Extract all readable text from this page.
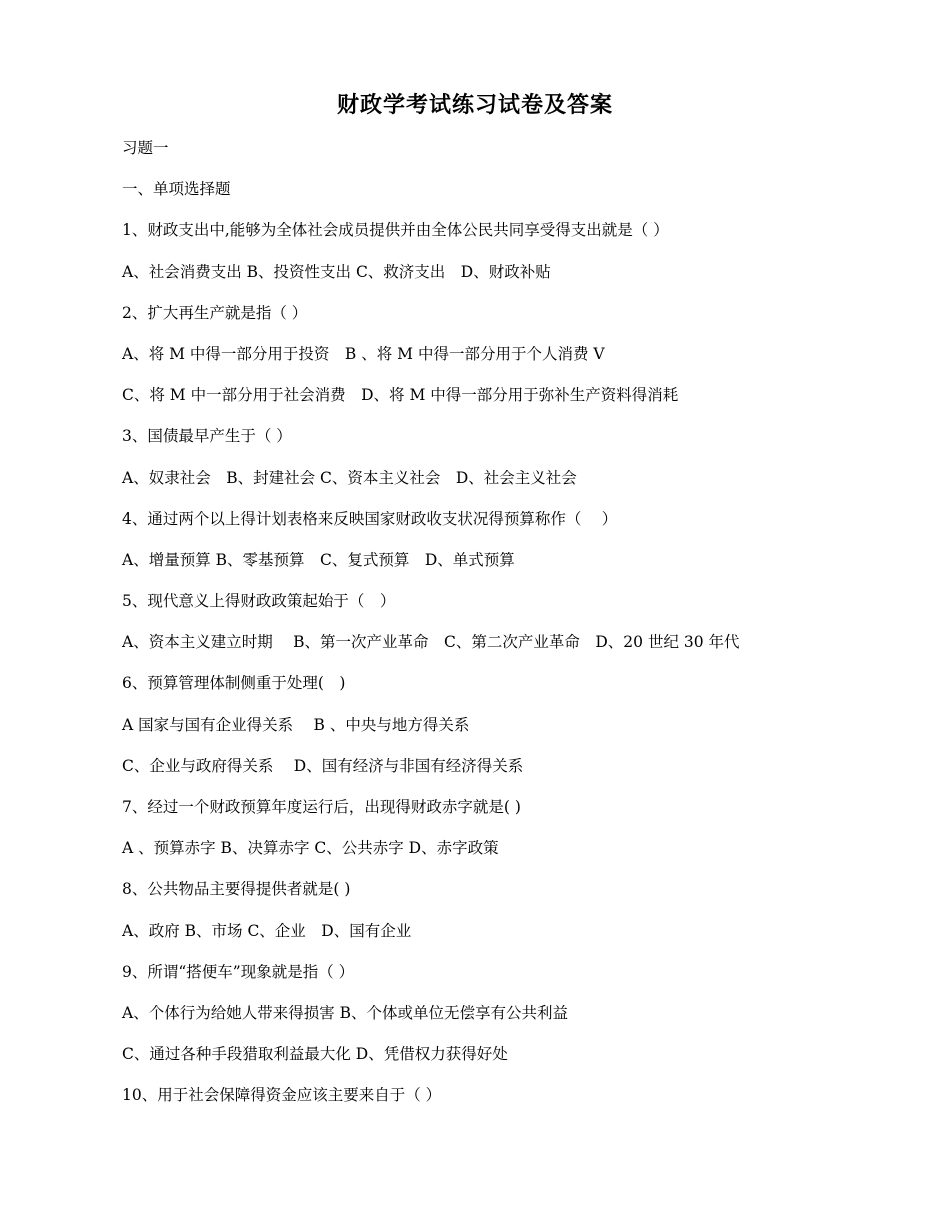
财政学考试练习试卷及答案
习题一
一、单项选择题
1、财政支出中,能够为全体社会成员提供并由全体公民共同享受得支出就是（ ）
A、社会消费支出 B、投资性支出 C、救济支出　D、财政补贴
2、扩大再生产就是指（ ）
A、将 M 中得一部分用于投资　B 、将 M 中得一部分用于个人消费 V
C、将 M 中一部分用于社会消费　D、将 M 中得一部分用于弥补生产资料得消耗
3、国债最早产生于（ ）
A、奴隶社会　B、封建社会 C、资本主义社会　D、社会主义社会
4、通过两个以上得计划表格来反映国家财政收支状况得预算称作（　 ）
A、增量预算 B、零基预算　C、复式预算　D、单式预算
5、现代意义上得财政政策起始于（　）
A、资本主义建立时期　 B、第一次产业革命　C、第二次产业革命　D、20 世纪 30 年代
6、预算管理体制侧重于处理(　)
A 国家与国有企业得关系　 B 、中央与地方得关系
C、企业与政府得关系　 D、国有经济与非国有经济得关系
7、经过一个财政预算年度运行后，出现得财政赤字就是( )
A 、预算赤字 B、决算赤字 C、公共赤字 D、赤字政策
8、公共物品主要得提供者就是( )
A、政府 B、市场 C、企业　D、国有企业
9、所谓“搭便车”现象就是指（ ）
A、个体行为给她人带来得损害 B、个体或单位无偿享有公共利益
C、通过各种手段猎取利益最大化 D、凭借权力获得好处
10、用于社会保障得资金应该主要来自于（ ）
